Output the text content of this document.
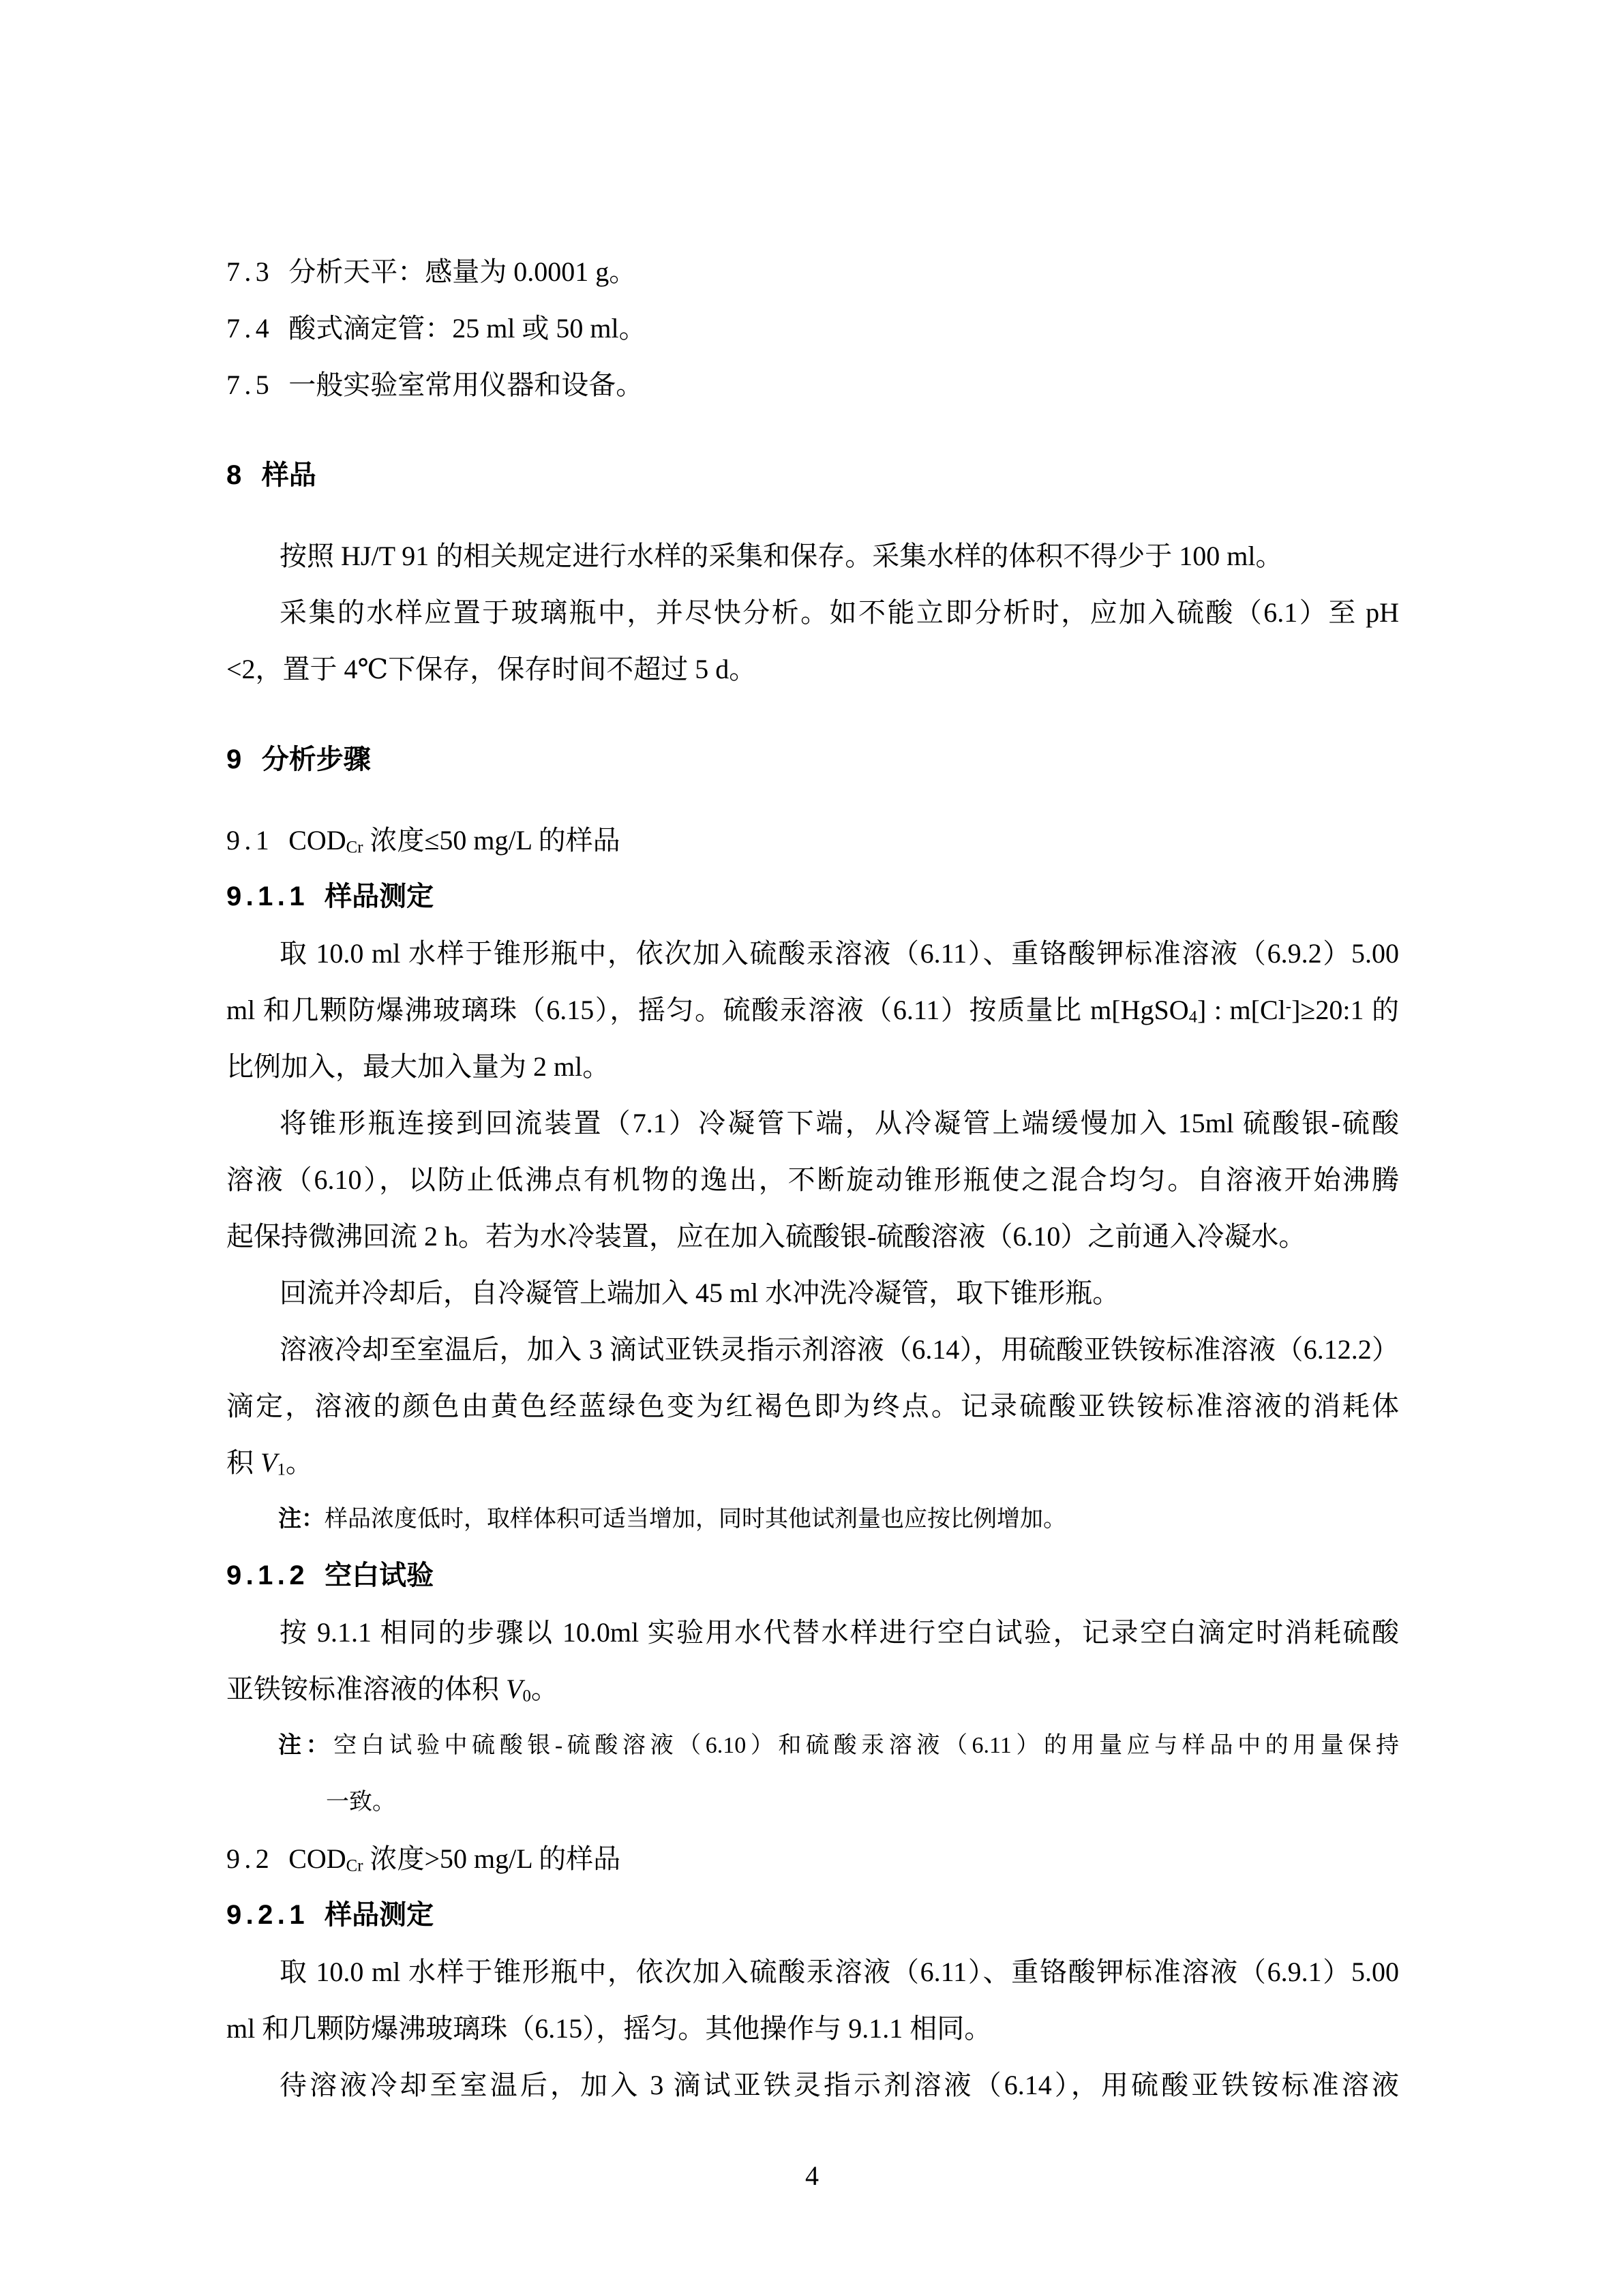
7.3 分析天平：感量为 0.0001 g。

7.4 酸式滴定管：25 ml 或 50 ml。

7.5 一般实验室常用仪器和设备。

8 样品

按照 HJ/T 91 的相关规定进行水样的采集和保存。采集水样的体积不得少于 100 ml。

采集的水样应置于玻璃瓶中，并尽快分析。如不能立即分析时，应加入硫酸（6.1）至 pH

<2，置于 4℃下保存，保存时间不超过 5 d。

9 分析步骤

9.1 $COD_{Cr}$ 浓度≤50 mg/L 的样品

9.1.1 样品测定

取 10.0 ml 水样于锥形瓶中，依次加入硫酸汞溶液（6.11）、重铬酸钾标准溶液（6.9.2）5.00

ml 和几颗防爆沸玻璃珠（6.15），摇匀。硫酸汞溶液（6.11）按质量比 m[HgSO$_4$] : m[Cl-]≥20:1 的

比例加入，最大加入量为 2 ml。

将锥形瓶连接到回流装置（7.1）冷凝管下端，从冷凝管上端缓慢加入 15ml 硫酸银-硫酸

溶液（6.10），以防止低沸点有机物的逸出，不断旋动锥形瓶使之混合均匀。自溶液开始沸腾

起保持微沸回流 2 h。若为水冷装置，应在加入硫酸银-硫酸溶液（6.10）之前通入冷凝水。

回流并冷却后，自冷凝管上端加入 45 ml 水冲洗冷凝管，取下锥形瓶。

溶液冷却至室温后，加入 3 滴试亚铁灵指示剂溶液（6.14），用硫酸亚铁铵标准溶液（6.12.2）

滴定，溶液的颜色由黄色经蓝绿色变为红褐色即为终点。记录硫酸亚铁铵标准溶液的消耗体

积 $V_1$。

注：样品浓度低时，取样体积可适当增加，同时其他试剂量也应按比例增加。

9.1.2 空白试验

按 9.1.1 相同的步骤以 10.0ml 实验用水代替水样进行空白试验，记录空白滴定时消耗硫酸

亚铁铵标准溶液的体积 $V_0$。

注：空白试验中硫酸银-硫酸溶液（6.10）和硫酸汞溶液（6.11）的用量应与样品中的用量保持

一致。

9.2 $COD_{Cr}$ 浓度>50 mg/L 的样品

9.2.1 样品测定

取 10.0 ml 水样于锥形瓶中，依次加入硫酸汞溶液（6.11）、重铬酸钾标准溶液（6.9.1）5.00

ml 和几颗防爆沸玻璃珠（6.15），摇匀。其他操作与 9.1.1 相同。

待溶液冷却至室温后，加入 3 滴试亚铁灵指示剂溶液（6.14），用硫酸亚铁铵标准溶液

4
